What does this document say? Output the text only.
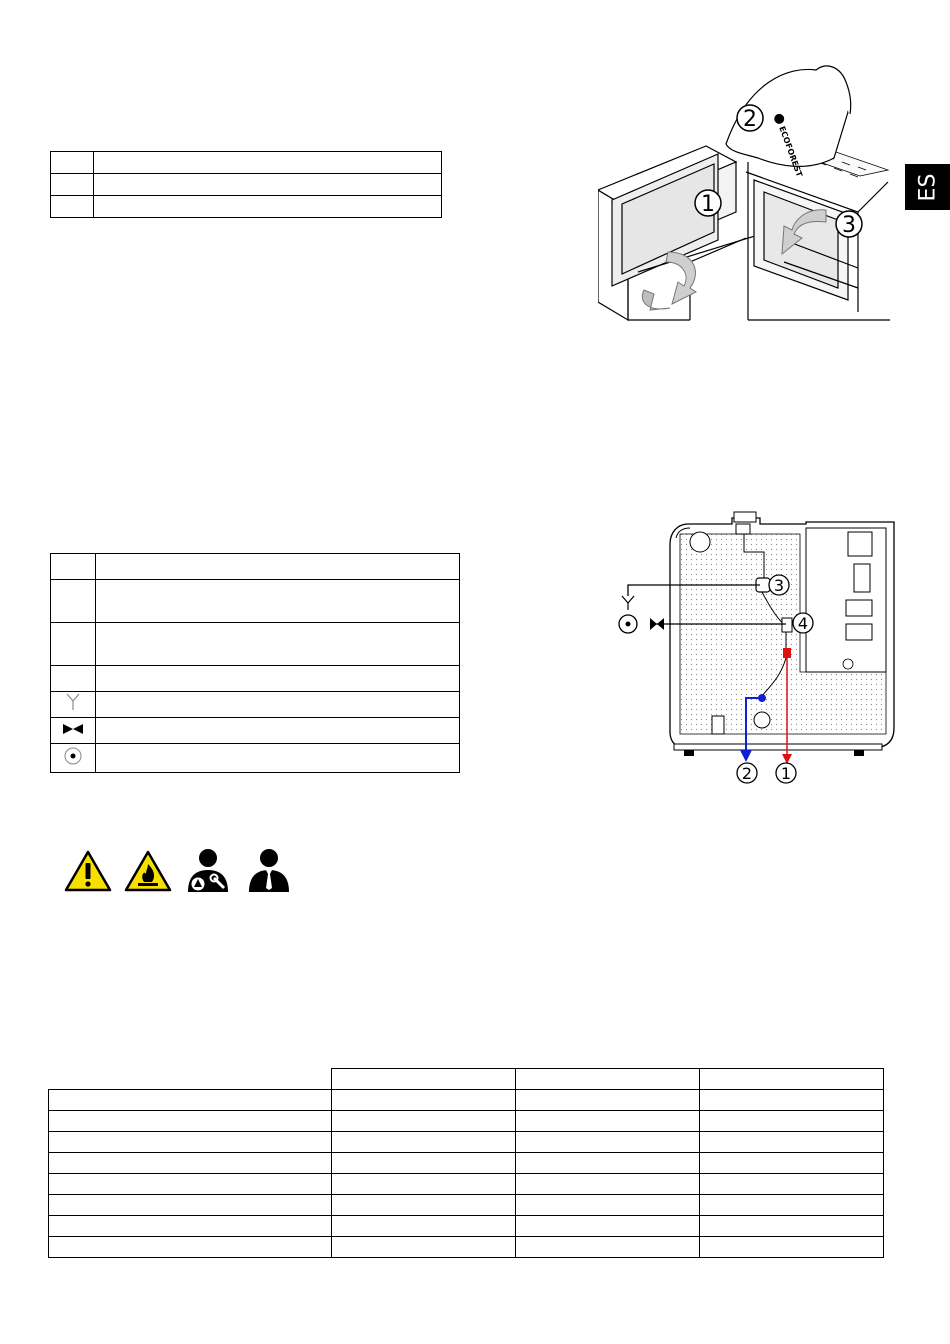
ES

ECOFOREST
1
2
3

3
4
2 1
